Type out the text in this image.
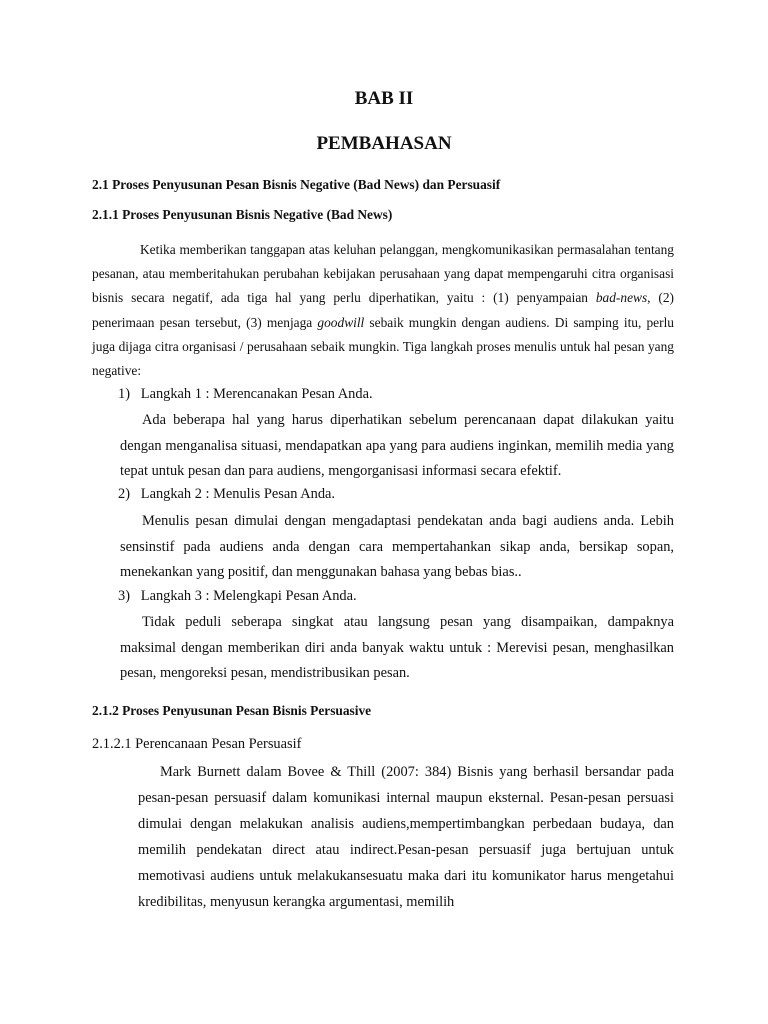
BAB II
PEMBAHASAN
2.1 Proses Penyusunan Pesan Bisnis Negative (Bad News) dan Persuasif
2.1.1 Proses Penyusunan Bisnis Negative (Bad News)

Ketika memberikan tanggapan atas keluhan pelanggan, mengkomunikasikan permasalahan tentang pesanan, atau memberitahukan perubahan kebijakan perusahaan yang dapat mempengaruhi citra organisasi bisnis secara negatif, ada tiga hal yang perlu diperhatikan, yaitu : (1) penyampaian bad-news, (2) penerimaan pesan tersebut, (3) menjaga goodwill sebaik mungkin dengan audiens. Di samping itu, perlu juga dijaga citra organisasi / perusahaan sebaik mungkin. Tiga langkah proses menulis untuk hal pesan yang negative:

1)   Langkah 1 : Merencanakan Pesan Anda.

Ada beberapa hal yang harus diperhatikan sebelum perencanaan dapat dilakukan yaitu dengan menganalisa situasi, mendapatkan apa yang para audiens inginkan, memilih media yang tepat untuk pesan dan para audiens, mengorganisasi informasi secara efektif.

2)   Langkah 2 : Menulis Pesan Anda.

Menulis pesan dimulai dengan mengadaptasi pendekatan anda bagi audiens anda. Lebih sensinstif pada audiens anda dengan cara mempertahankan sikap anda, bersikap sopan, menekankan yang positif, dan menggunakan bahasa yang bebas bias..

3)   Langkah 3 : Melengkapi Pesan Anda.

Tidak peduli seberapa singkat atau langsung pesan yang disampaikan, dampaknya maksimal dengan memberikan diri anda banyak waktu untuk : Merevisi pesan, menghasilkan pesan, mengoreksi pesan, mendistribusikan pesan.

2.1.2 Proses Penyusunan Pesan Bisnis Persuasive
2.1.2.1 Perencanaan Pesan Persuasif

Mark Burnett dalam Bovee & Thill (2007: 384) Bisnis yang berhasil bersandar pada pesan-pesan persuasif dalam komunikasi internal maupun eksternal. Pesan-pesan persuasi dimulai dengan melakukan analisis audiens,mempertimbangkan perbedaan budaya, dan memilih pendekatan direct atau indirect.Pesan-pesan persuasif juga bertujuan untuk memotivasi audiens untuk melakukansesuatu maka dari itu komunikator harus mengetahui kredibilitas, menyusun kerangka argumentasi, memilih
